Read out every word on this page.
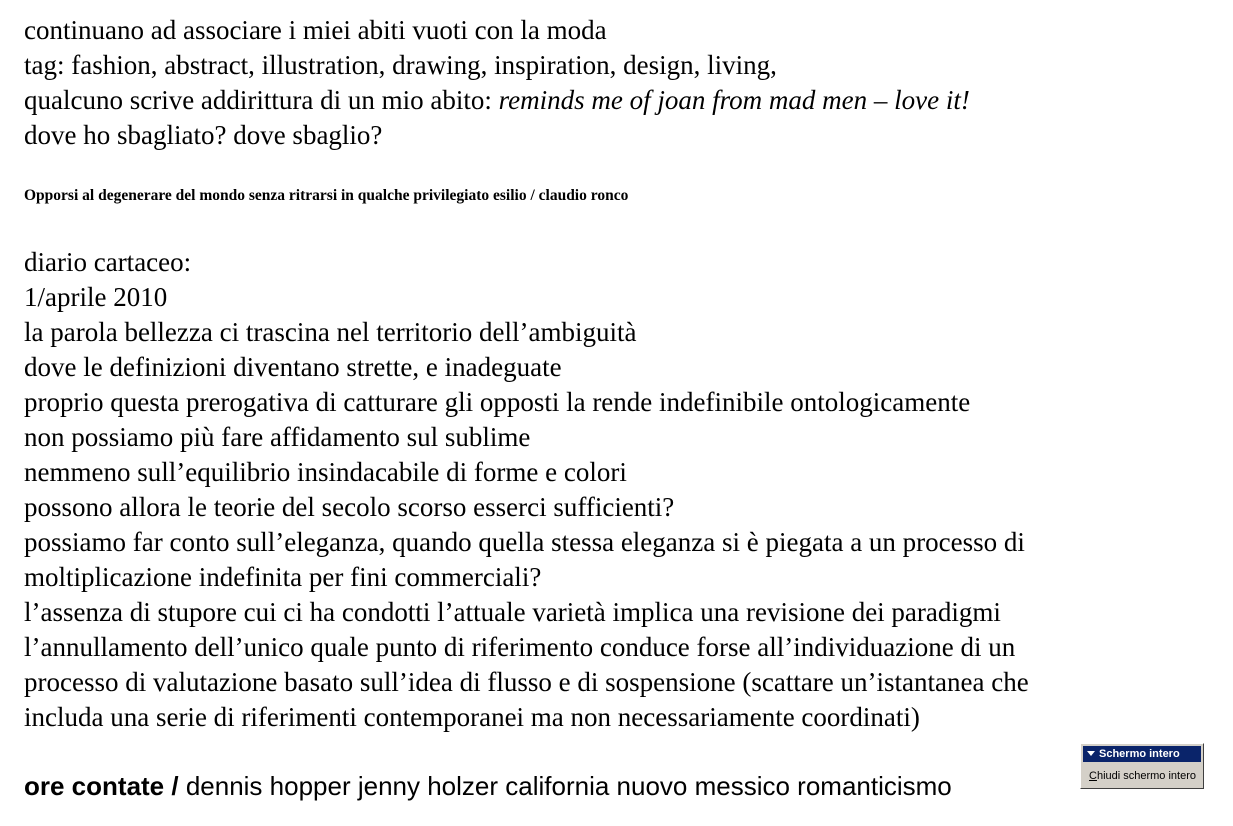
continuano ad associare i miei abiti vuoti con la moda
tag: fashion, abstract, illustration, drawing, inspiration, design, living,
qualcuno scrive addirittura di un mio abito: reminds me of joan from mad men – love it!
dove ho sbagliato? dove sbaglio?
Opporsi al degenerare del mondo senza ritrarsi in qualche privilegiato esilio / claudio ronco
diario cartaceo:
1/aprile 2010
la parola bellezza ci trascina nel territorio dell’ambiguità
dove le definizioni diventano strette, e inadeguate
proprio questa prerogativa di catturare gli opposti la rende indefinibile ontologicamente
non possiamo più fare affidamento sul sublime
nemmeno sull’equilibrio insindacabile di forme e colori
possono allora le teorie del secolo scorso esserci sufficienti?
possiamo far conto sull’eleganza, quando quella stessa eleganza si è piegata a un processo di
moltiplicazione indefinita per fini commerciali?
l’assenza di stupore cui ci ha condotti l’attuale varietà implica una revisione dei paradigmi
l’annullamento dell’unico quale punto di riferimento conduce forse all’individuazione di un
processo di valutazione basato sull’idea di flusso e di sospensione (scattare un’istantanea che
includa una serie di riferimenti contemporanei ma non necessariamente coordinati)
ore contate / dennis hopper jenny holzer california nuovo messico romanticismo
Schermo intero
Chiudi schermo intero
